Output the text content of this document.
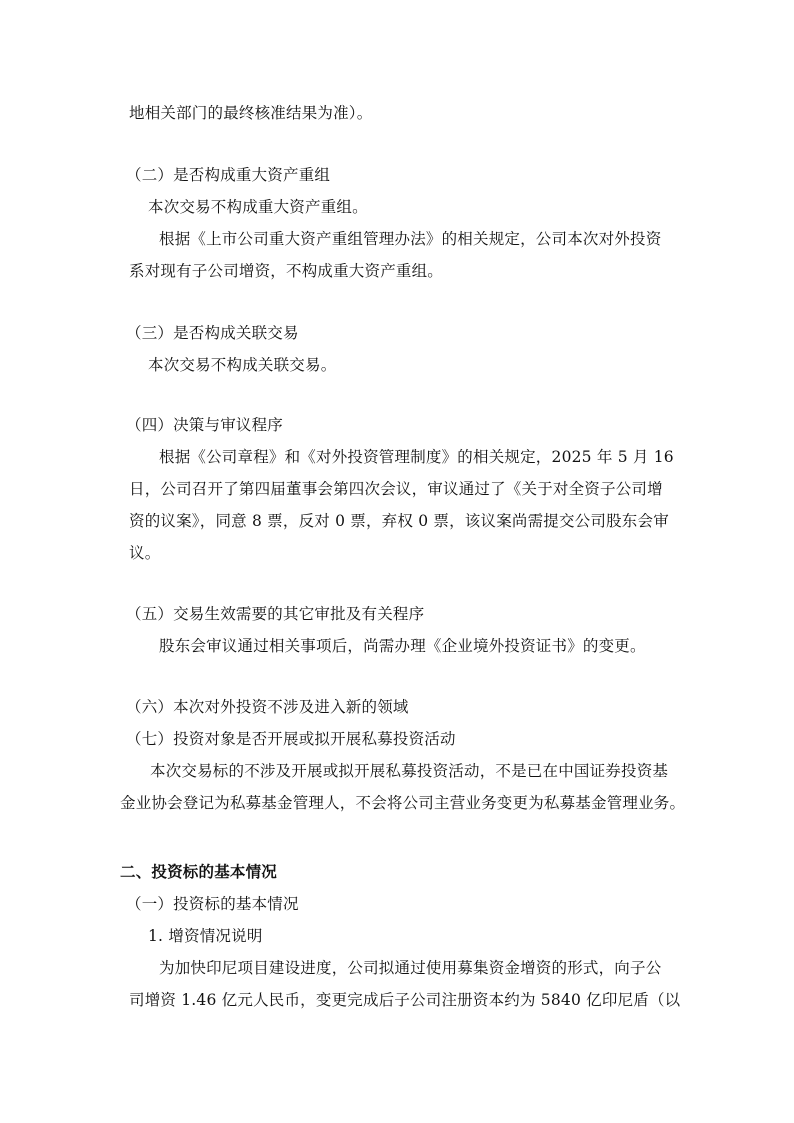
地相关部门的最终核准结果为准）。
（二）是否构成重大资产重组
本次交易不构成重大资产重组。
根据《上市公司重大资产重组管理办法》的相关规定，公司本次对外投资
系对现有子公司增资，不构成重大资产重组。
（三）是否构成关联交易
本次交易不构成关联交易。
（四）决策与审议程序
根据《公司章程》和《对外投资管理制度》的相关规定，2025 年 5 月 16
日，公司召开了第四届董事会第四次会议，审议通过了《关于对全资子公司增
资的议案》，同意 8 票，反对 0 票，弃权 0 票，该议案尚需提交公司股东会审
议。
（五）交易生效需要的其它审批及有关程序
股东会审议通过相关事项后，尚需办理《企业境外投资证书》的变更。
（六）本次对外投资不涉及进入新的领域
（七）投资对象是否开展或拟开展私募投资活动
本次交易标的不涉及开展或拟开展私募投资活动，不是已在中国证券投资基
金业协会登记为私募基金管理人，不会将公司主营业务变更为私募基金管理业务。
二、投资标的基本情况
（一）投资标的基本情况
1. 增资情况说明
为加快印尼项目建设进度，公司拟通过使用募集资金增资的形式，向子公
司增资 1.46 亿元人民币，变更完成后子公司注册资本约为 5840 亿印尼盾（以
